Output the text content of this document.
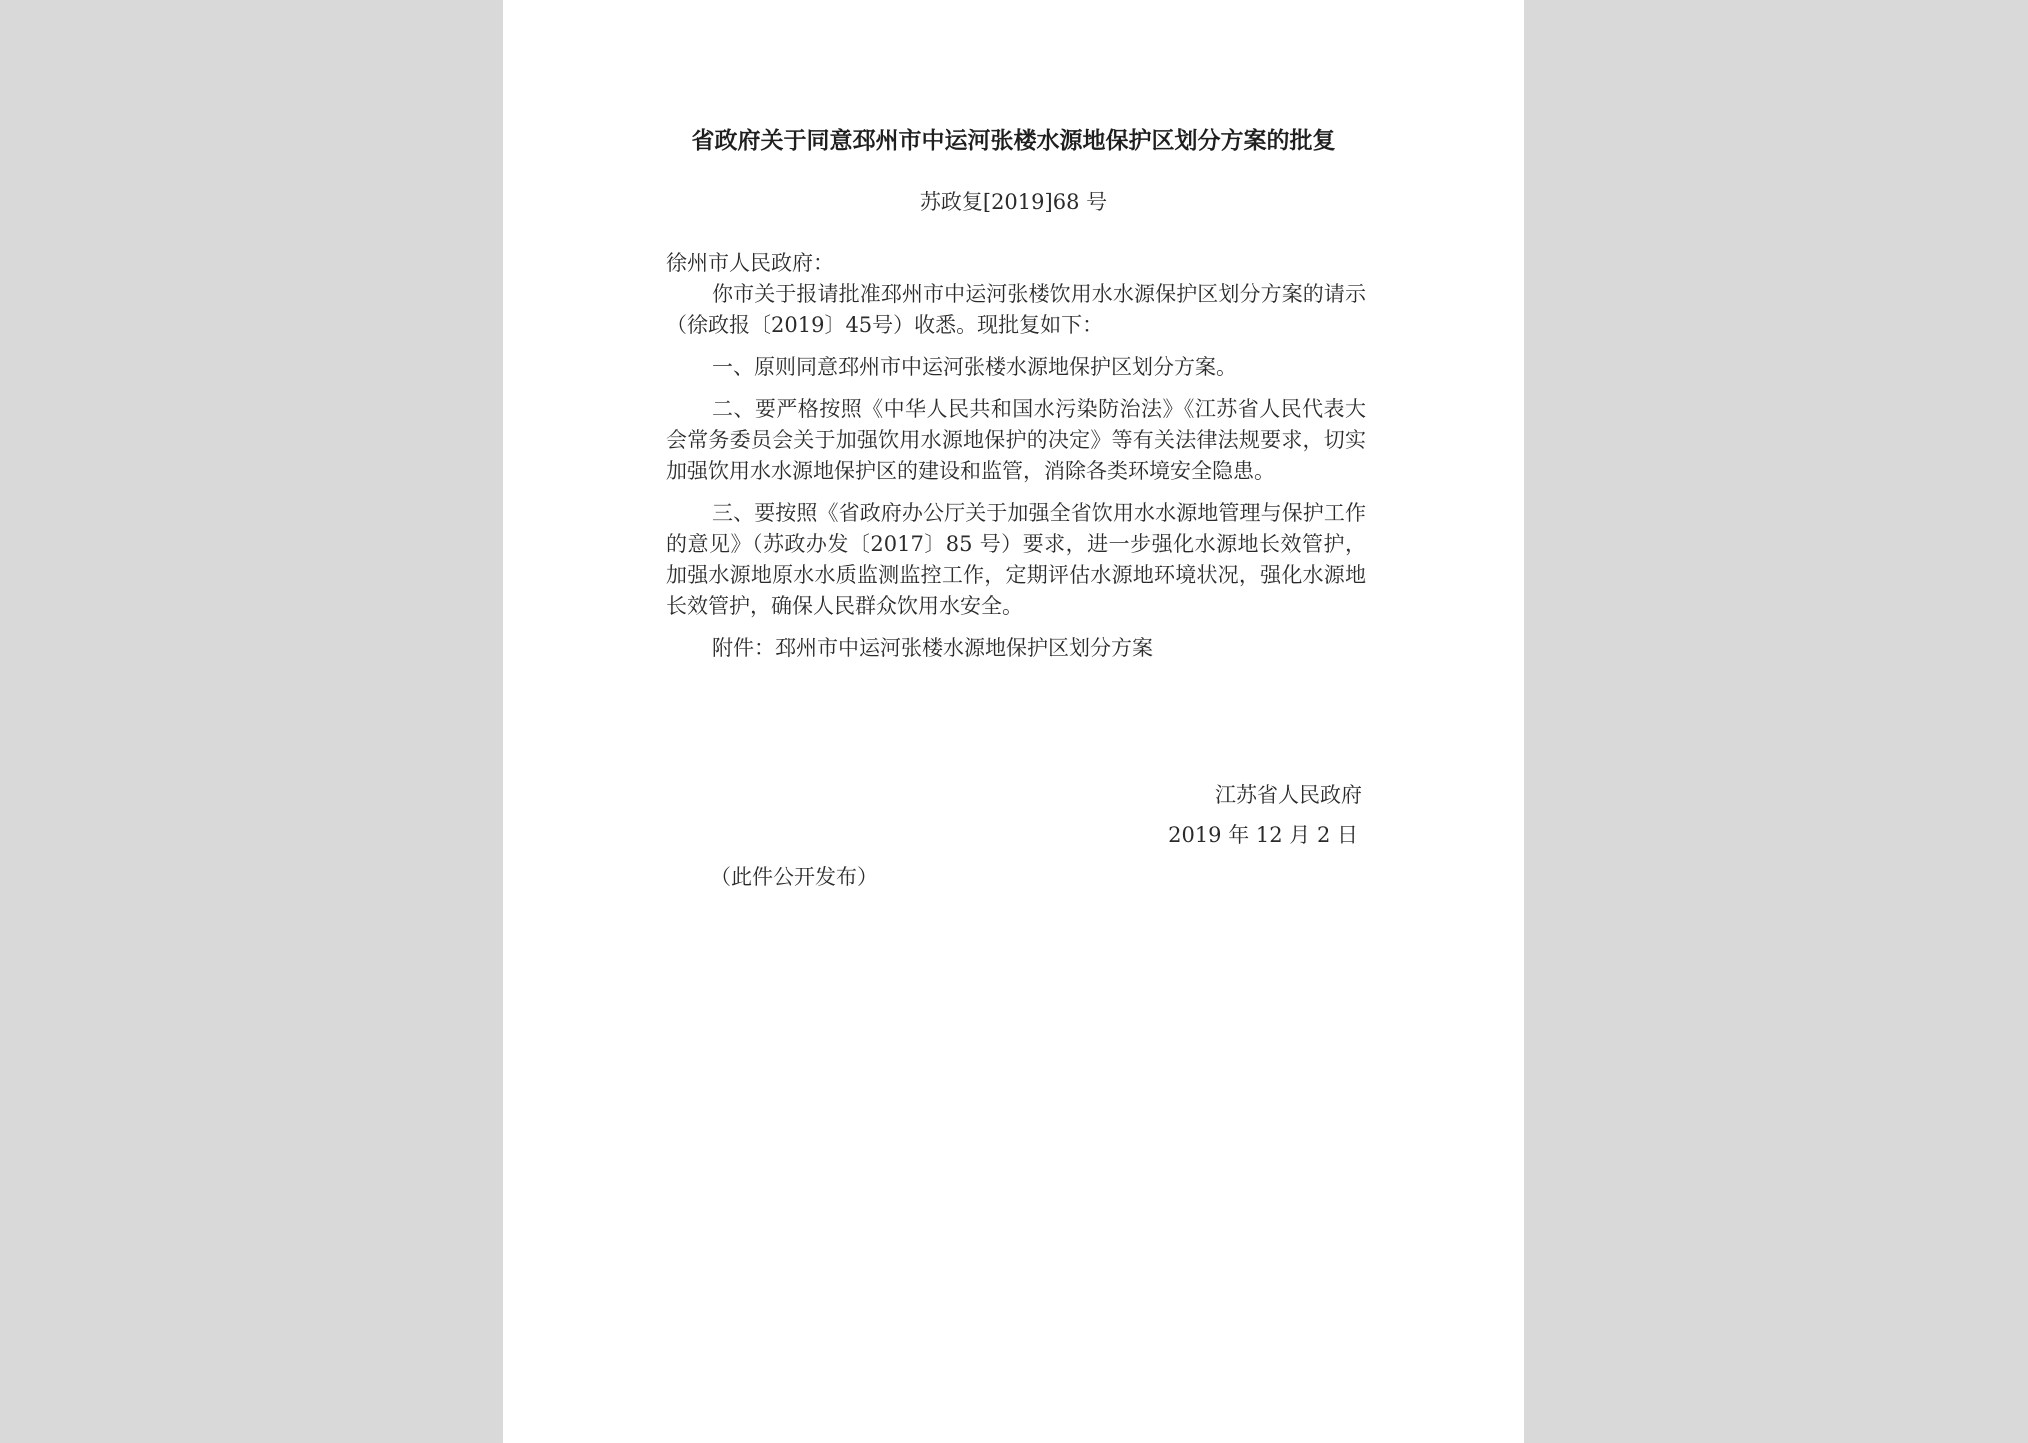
省政府关于同意邳州市中运河张楼水源地保护区划分方案的批复
苏政复[2019]68 号

徐州市人民政府：

你市关于报请批准邳州市中运河张楼饮用水水源保护区划分方案的请示（徐政报〔2019〕45号）收悉。现批复如下：

一、原则同意邳州市中运河张楼水源地保护区划分方案。

二、要严格按照《中华人民共和国水污染防治法》《江苏省人民代表大会常务委员会关于加强饮用水源地保护的决定》等有关法律法规要求，切实加强饮用水水源地保护区的建设和监管，消除各类环境安全隐患。

三、要按照《省政府办公厅关于加强全省饮用水水源地管理与保护工作的意见》（苏政办发〔2017〕85 号）要求，进一步强化水源地长效管护，加强水源地原水水质监测监控工作，定期评估水源地环境状况，强化水源地长效管护，确保人民群众饮用水安全。

附件：邳州市中运河张楼水源地保护区划分方案

江苏省人民政府
2019 年 12 月 2 日
（此件公开发布）
